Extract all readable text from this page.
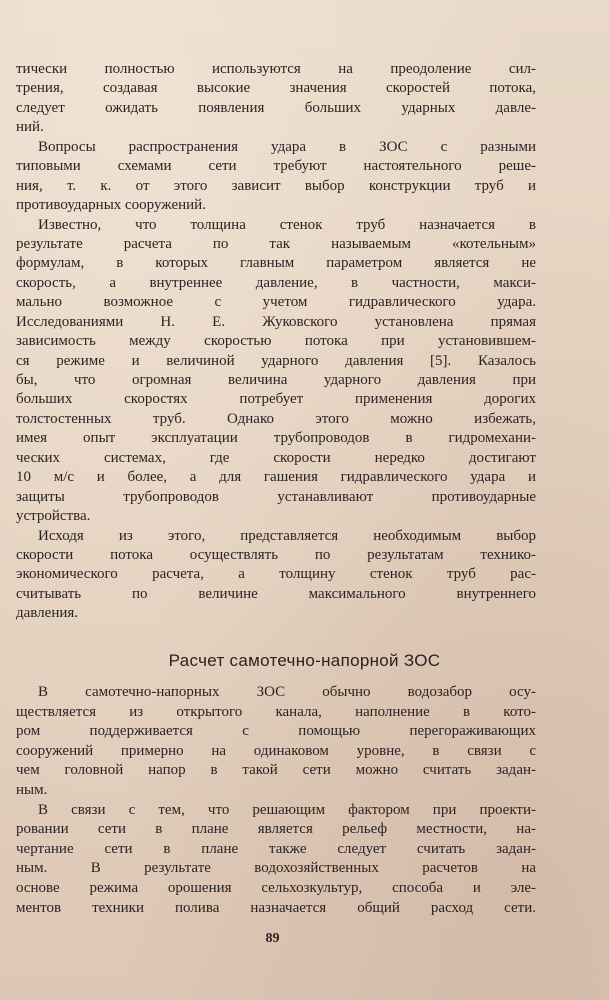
тически полностью используются на преодоление сил-
трения, создавая высокие значения скоростей потока,
следует ожидать появления больших ударных давле-
ний.
Вопросы распространения удара в ЗОС с разными
типовыми схемами сети требуют настоятельного реше-
ния, т. к. от этого зависит выбор конструкции труб и
противоударных сооружений.
Известно, что толщина стенок труб назначается в
результате расчета по так называемым «котельным»
формулам, в которых главным параметром является не
скорость, а внутреннее давление, в частности, макси-
мально возможное с учетом гидравлического удара.
Исследованиями Н. Е. Жуковского установлена прямая
зависимость между скоростью потока при установившем-
ся режиме и величиной ударного давления [5]. Казалось
бы, что огромная величина ударного давления при
больших скоростях потребует применения дорогих
толстостенных труб. Однако этого можно избежать,
имея опыт эксплуатации трубопроводов в гидромехани-
ческих системах, где скорости нередко достигают
10 м/с и более, а для гашения гидравлического удара и
защиты трубопроводов устанавливают противоударные
устройства.
Исходя из этого, представляется необходимым выбор
скорости потока осуществлять по результатам технико-
экономического расчета, а толщину стенок труб рас-
считывать по величине максимального внутреннего
давления.
Расчет самотечно-напорной ЗОС
В самотечно-напорных ЗОС обычно водозабор осу-
ществляется из открытого канала, наполнение в кото-
ром поддерживается с помощью перегораживающих
сооружений примерно на одинаковом уровне, в связи с
чем головной напор в такой сети можно считать задан-
ным.
В связи с тем, что решающим фактором при проекти-
ровании сети в плане является рельеф местности, на-
чертание сети в плане также следует считать задан-
ным. В результате водохозяйственных расчетов на
основе режима орошения сельхозкультур, способа и эле-
ментов техники полива назначается общий расход сети.
89
